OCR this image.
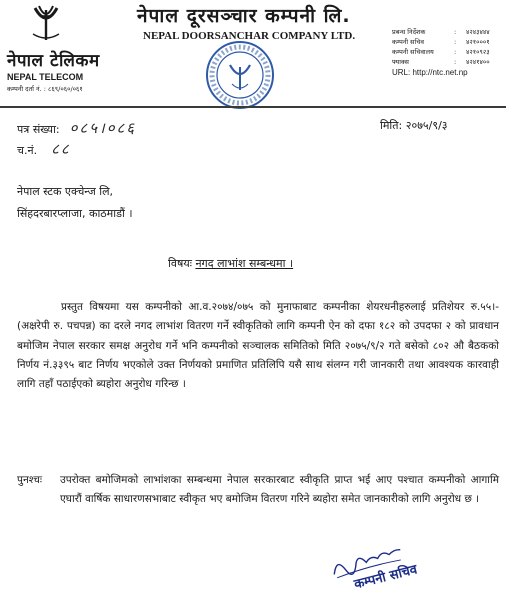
नेपाल टेलिकम
NEPAL TELECOM
कम्पनी दर्ता नं. : ८६९/०६०/०६१
नेपाल दूरसञ्चार कम्पनी लि.
NEPAL DOORSANCHAR COMPANY LTD.	प्रबन्ध निर्देशक	:	४२४३४४४
कम्पनी सचिव	:	४२१०००१
कम्पनी सचिवालय	:	४२१०९२३
फ्याक्स	:	४२४१४००
URL: http://ntc.net.np
पत्र संख्या: ०८५।०८६
च.नं. ८८
मिति: २०७५/९/३
नेपाल स्टक एक्चेन्ज लि,
सिंहदरबारप्लाजा, काठमाडौं ।
विषयः नगद लाभांश सम्बन्धमा ।

प्रस्तुत विषयमा यस कम्पनीको आ.व.२०७४/०७५ को मुनाफाबाट कम्पनीका शेयरधनीहरुलाई प्रतिशेयर रु.५५।- (अक्षरेपी रु. पचपन्न) का दरले नगद लाभांश वितरण गर्ने स्वीकृतिको लागि कम्पनी ऐन को दफा १८२ को उपदफा २ को प्रावधान बमोजिम नेपाल सरकार समक्ष अनुरोध गर्ने भनि कम्पनीको सञ्चालक समितिको मिति २०७५/९/२ गते बसेको ८०२ औ बैठकको निर्णय नं.३३९५ बाट निर्णय भएकोले उक्त निर्णयको प्रमाणित प्रतिलिपि यसै साथ संलग्न गरी जानकारी तथा आवश्यक कारवाही लागि तहाँ पठाईएको ब्यहोरा अनुरोध गरिन्छ ।

पुनश्चः उपरोक्त बमोजिमको लाभांशका सम्बन्धमा नेपाल सरकारबाट स्वीकृति प्राप्त भई आए पश्चात कम्पनीको आगामि एघारौं वार्षिक साधारणसभाबाट स्वीकृत भए बमोजिम वितरण गरिने ब्यहोरा समेत जानकारीको लागि अनुरोध छ ।

कम्पनी सचिव
